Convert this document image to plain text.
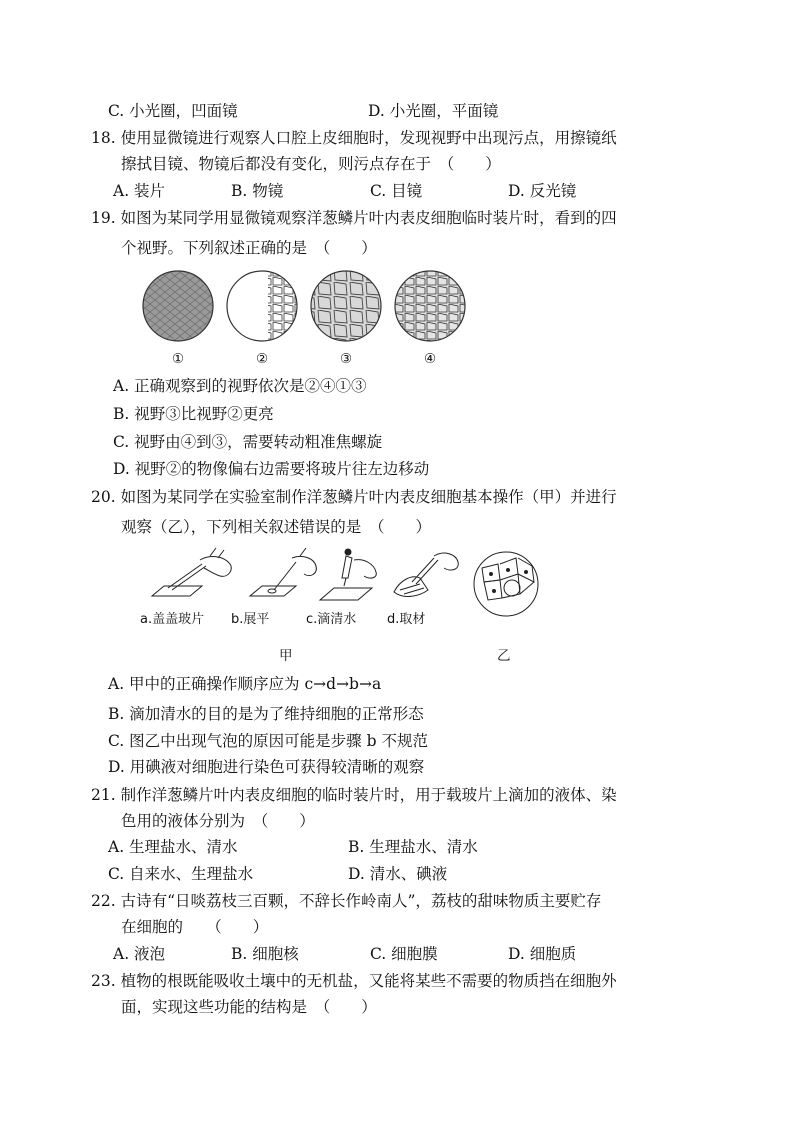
C. 小光圈，凹面镜	D. 小光圈，平面镜
18. 使用显微镜进行观察人口腔上皮细胞时，发现视野中出现污点，用擦镜纸
擦拭目镜、物镜后都没有变化，则污点存在于　（　　）
A. 装片	B. 物镜	C. 目镜	D. 反光镜
19. 如图为某同学用显微镜观察洋葱鳞片叶内表皮细胞临时装片时，看到的四
个视野。下列叙述正确的是　（　　）
①	②	③	④
A. 正确观察到的视野依次是②④①③
B. 视野③比视野②更亮
C. 视野由④到③，需要转动粗准焦螺旋
D. 视野②的物像偏右边需要将玻片往左边移动
20. 如图为某同学在实验室制作洋葱鳞片叶内表皮细胞基本操作（甲）并进行
观察（乙），下列相关叙述错误的是　（　　）
a.盖盖玻片 b.展平	c.滴清水 d.取材
甲	乙
A. 甲中的正确操作顺序应为 c→d→b→a
B. 滴加清水的目的是为了维持细胞的正常形态
C. 图乙中出现气泡的原因可能是步骤 b 不规范
D. 用碘液对细胞进行染色可获得较清晰的观察
21. 制作洋葱鳞片叶内表皮细胞的临时装片时，用于载玻片上滴加的液体、染
色用的液体分别为　（　　）
A. 生理盐水、清水	B. 生理盐水、清水
C. 自来水、生理盐水	D. 清水、碘液
22. 古诗有“日啖荔枝三百颗，不辞长作岭南人”，荔枝的甜味物质主要贮存
在细胞的　　（　　）
A. 液泡	B. 细胞核	C. 细胞膜	D. 细胞质
23. 植物的根既能吸收土壤中的无机盐，又能将某些不需要的物质挡在细胞外
面，实现这些功能的结构是　（　　）
